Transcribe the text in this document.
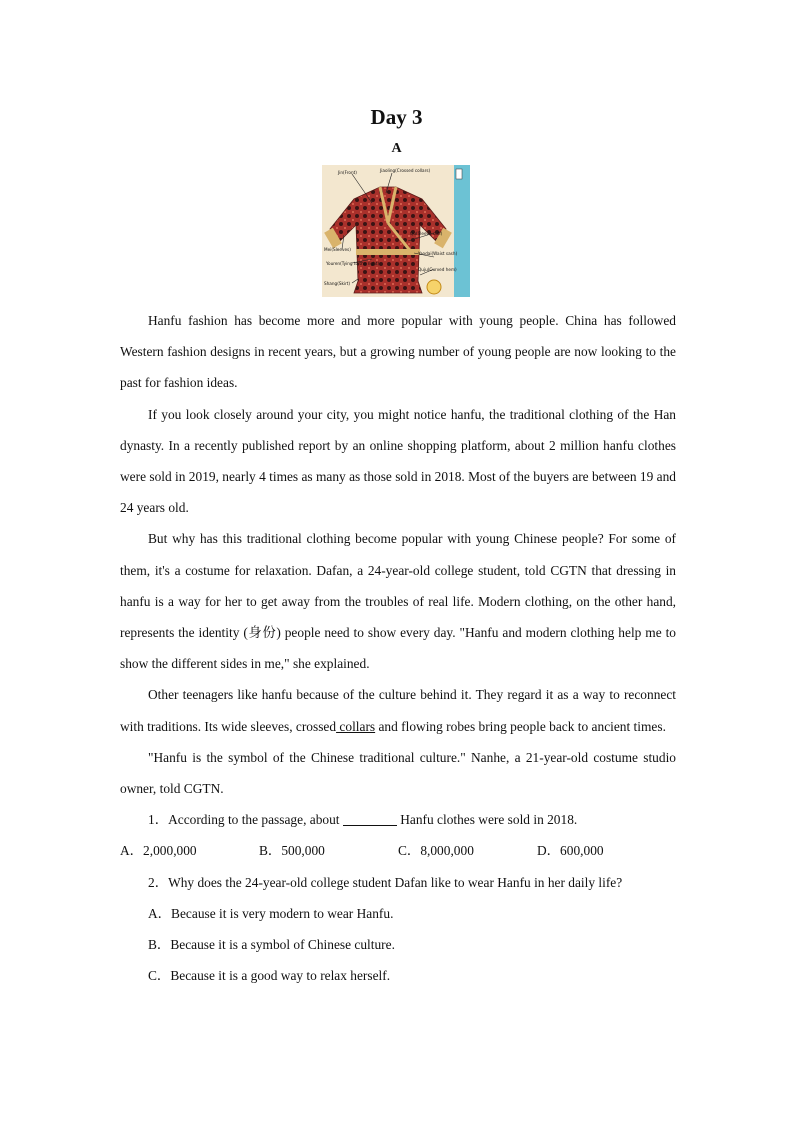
Day 3
A
Jin(Front)	Jiaoling(Crossed collars)
Mei(Sleeves)
Qu(Sleeve cuff)
Yaodai(Waist sash)
Youren(Tying to the right)
Quju(Curved hem)
Shang(Skirt)

Hanfu fashion has become more and more popular with young people. China has followed Western fashion designs in recent years, but a growing number of young people are now looking to the past for fashion ideas.

If you look closely around your city, you might notice hanfu, the traditional clothing of the Han dynasty. In a recently published report by an online shopping platform, about 2 million hanfu clothes were sold in 2019, nearly 4 times as many as those sold in 2018. Most of the buyers are between 19 and 24 years old.

But why has this traditional clothing become popular with young Chinese people? For some of them, it's a costume for relaxation. Dafan, a 24-year-old college student, told CGTN that dressing in hanfu is a way for her to get away from the troubles of real life. Modern clothing, on the other hand, represents the identity (身份) people need to show every day. "Hanfu and modern clothing help me to show the different sides in me," she explained.

Other teenagers like hanfu because of the culture behind it. They regard it as a way to reconnect with traditions. Its wide sleeves, crossed collars and flowing robes bring people back to ancient times.

"Hanfu is the symbol of the Chinese traditional culture." Nanhe, a 21-year-old costume studio owner, told CGTN.

1．According to the passage, about	Hanfu clothes were sold in 2018.

A．2,000,000	B．500,000	C．8,000,000	D．600,000

2．Why does the 24-year-old college student Dafan like to wear Hanfu in her daily life?

A．Because it is very modern to wear Hanfu.

B．Because it is a symbol of Chinese culture.

C．Because it is a good way to relax herself.
